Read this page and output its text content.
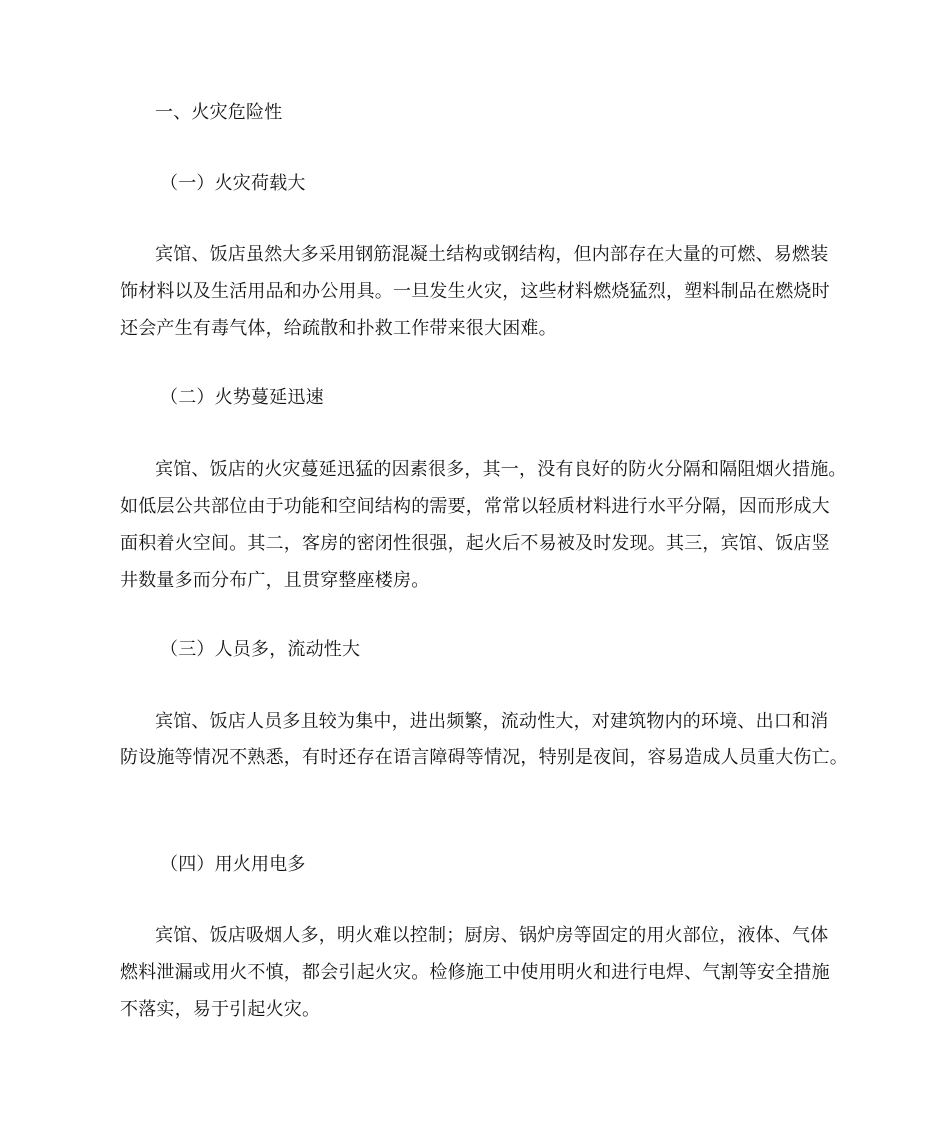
一、火灾危险性
（一）火灾荷载大
宾馆、饭店虽然大多采用钢筋混凝土结构或钢结构，但内部存在大量的可燃、易燃装
饰材料以及生活用品和办公用具。一旦发生火灾，这些材料燃烧猛烈，塑料制品在燃烧时
还会产生有毒气体，给疏散和扑救工作带来很大困难。
（二）火势蔓延迅速
宾馆、饭店的火灾蔓延迅猛的因素很多，其一，没有良好的防火分隔和隔阻烟火措施。
如低层公共部位由于功能和空间结构的需要，常常以轻质材料进行水平分隔，因而形成大
面积着火空间。其二，客房的密闭性很强，起火后不易被及时发现。其三，宾馆、饭店竖
井数量多而分布广，且贯穿整座楼房。
（三）人员多，流动性大
宾馆、饭店人员多且较为集中，进出频繁，流动性大，对建筑物内的环境、出口和消
防设施等情况不熟悉，有时还存在语言障碍等情况，特别是夜间，容易造成人员重大伤亡。
（四）用火用电多
宾馆、饭店吸烟人多，明火难以控制；厨房、锅炉房等固定的用火部位，液体、气体
燃料泄漏或用火不慎，都会引起火灾。检修施工中使用明火和进行电焊、气割等安全措施
不落实，易于引起火灾。
